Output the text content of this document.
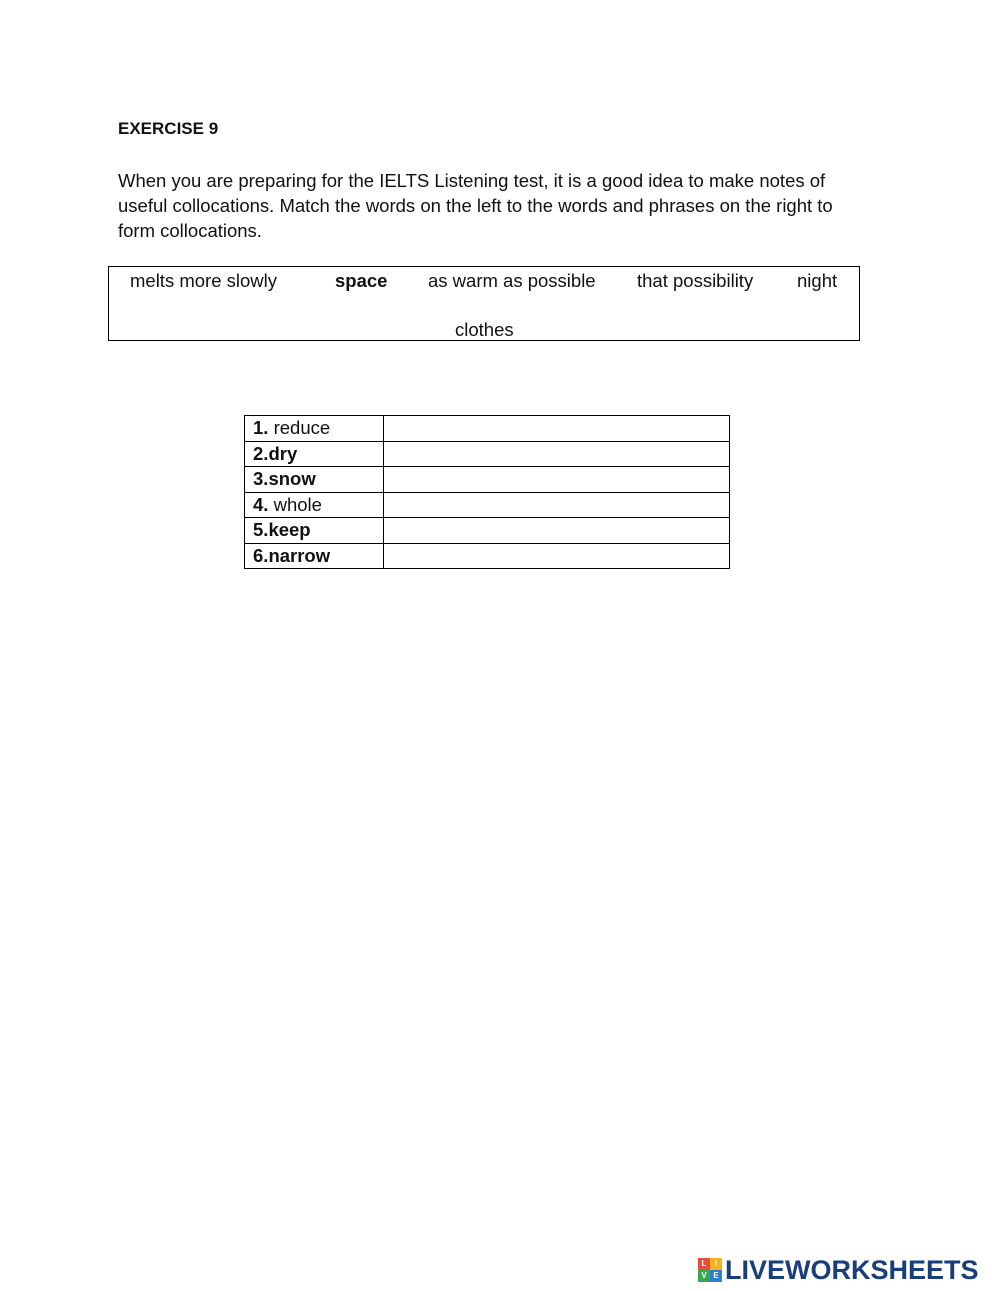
EXERCISE 9
When you are preparing for the IELTS Listening test, it is a good idea to make notes of useful collocations. Match the words on the left to the words and phrases on the right to form collocations.
melts more slowly	space as warm as possible that possibility night
clothes
1. reduce	
2.dry	
3.snow	
4. whole	
5.keep	
6.narrow	
L	I
V E LIVEWORKSHEETS
